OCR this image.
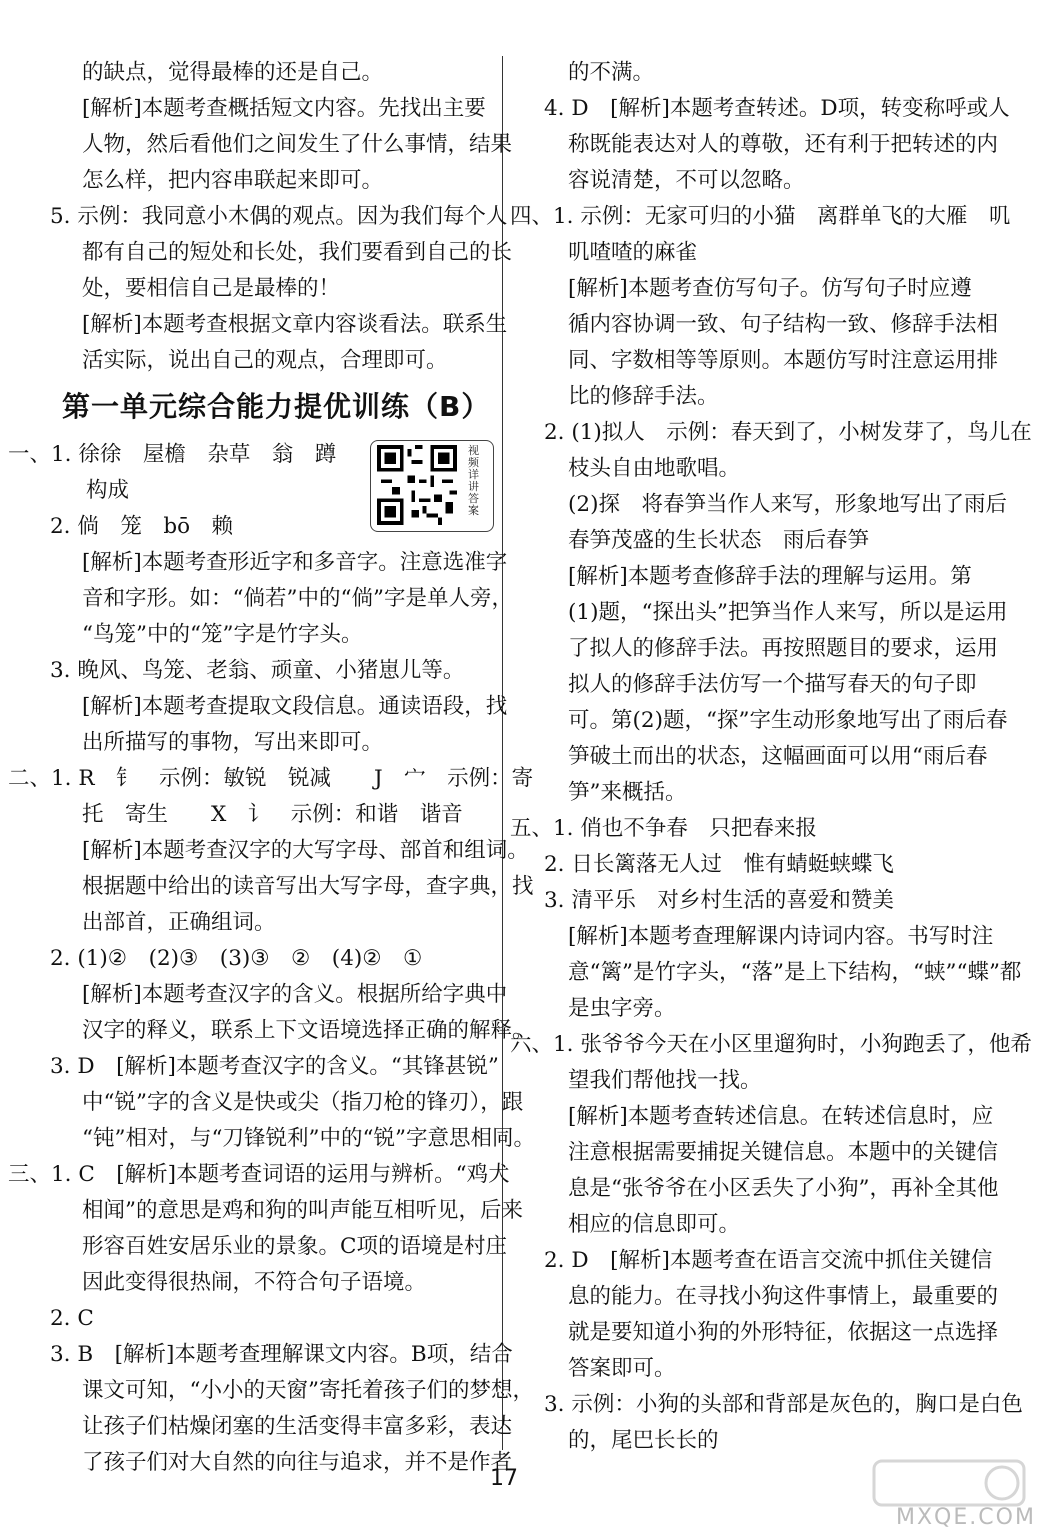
第一单元综合能力提优训练（B）
视频详讲答案
17
MXQE.COM
的缺点，觉得最棒的还是自己。
[解析]本题考查概括短文内容。先找出主要
人物，然后看他们之间发生了什么事情，结果
怎么样，把内容串联起来即可。
5. 示例：我同意小木偶的观点。因为我们每个人
都有自己的短处和长处，我们要看到自己的长
处，要相信自己是最棒的！
[解析]本题考查根据文章内容谈看法。联系生
活实际，说出自己的观点，合理即可。
一、1. 徐徐　屋檐　杂草　翁　蹲
构成
2. 倘　笼　bō　赖
[解析]本题考查形近字和多音字。注意选准字
音和字形。如：“倘若”中的“倘”字是单人旁，
“鸟笼”中的“笼”字是竹字头。
3. 晚风、鸟笼、老翁、顽童、小猪崽儿等。
[解析]本题考查提取文段信息。通读语段，找
出所描写的事物，写出来即可。
二、1. R　钅　示例：敏锐　锐减　　J　宀　示例：寄
托　寄生　　X　讠　示例：和谐　谐音
[解析]本题考查汉字的大写字母、部首和组词。
根据题中给出的读音写出大写字母，查字典，找
出部首，正确组词。
2. (1)②　(2)③　(3)③　②　(4)②　①
[解析]本题考查汉字的含义。根据所给字典中
汉字的释义，联系上下文语境选择正确的解释。
3. D　[解析]本题考查汉字的含义。“其锋甚锐”
中“锐”字的含义是快或尖（指刀枪的锋刃），跟
“钝”相对，与“刀锋锐利”中的“锐”字意思相同。
三、1. C　[解析]本题考查词语的运用与辨析。“鸡犬
相闻”的意思是鸡和狗的叫声能互相听见，后来
形容百姓安居乐业的景象。C项的语境是村庄
因此变得很热闹，不符合句子语境。
2. C
3. B　[解析]本题考查理解课文内容。B项，结合
课文可知，“小小的天窗”寄托着孩子们的梦想，
让孩子们枯燥闭塞的生活变得丰富多彩，表达
了孩子们对大自然的向往与追求，并不是作者
的不满。
4. D　[解析]本题考查转述。D项，转变称呼或人
称既能表达对人的尊敬，还有利于把转述的内
容说清楚，不可以忽略。
四、1. 示例：无家可归的小猫　离群单飞的大雁　叽
叽喳喳的麻雀
[解析]本题考查仿写句子。仿写句子时应遵
循内容协调一致、句子结构一致、修辞手法相
同、字数相等等原则。本题仿写时注意运用排
比的修辞手法。
2. (1)拟人　示例：春天到了，小树发芽了，鸟儿在
枝头自由地歌唱。
(2)探　将春笋当作人来写，形象地写出了雨后
春笋茂盛的生长状态　雨后春笋
[解析]本题考查修辞手法的理解与运用。第
(1)题，“探出头”把笋当作人来写，所以是运用
了拟人的修辞手法。再按照题目的要求，运用
拟人的修辞手法仿写一个描写春天的句子即
可。第(2)题，“探”字生动形象地写出了雨后春
笋破土而出的状态，这幅画面可以用“雨后春
笋”来概括。
五、1. 俏也不争春　只把春来报
2. 日长篱落无人过　惟有蜻蜓蛱蝶飞
3. 清平乐　对乡村生活的喜爱和赞美
[解析]本题考查理解课内诗词内容。书写时注
意“篱”是竹字头，“落”是上下结构，“蛱”“蝶”都
是虫字旁。
六、1. 张爷爷今天在小区里遛狗时，小狗跑丢了，他希
望我们帮他找一找。
[解析]本题考查转述信息。在转述信息时，应
注意根据需要捕捉关键信息。本题中的关键信
息是“张爷爷在小区丢失了小狗”，再补全其他
相应的信息即可。
2. D　[解析]本题考查在语言交流中抓住关键信
息的能力。在寻找小狗这件事情上，最重要的
就是要知道小狗的外形特征，依据这一点选择
答案即可。
3. 示例：小狗的头部和背部是灰色的，胸口是白色
的，尾巴长长的
